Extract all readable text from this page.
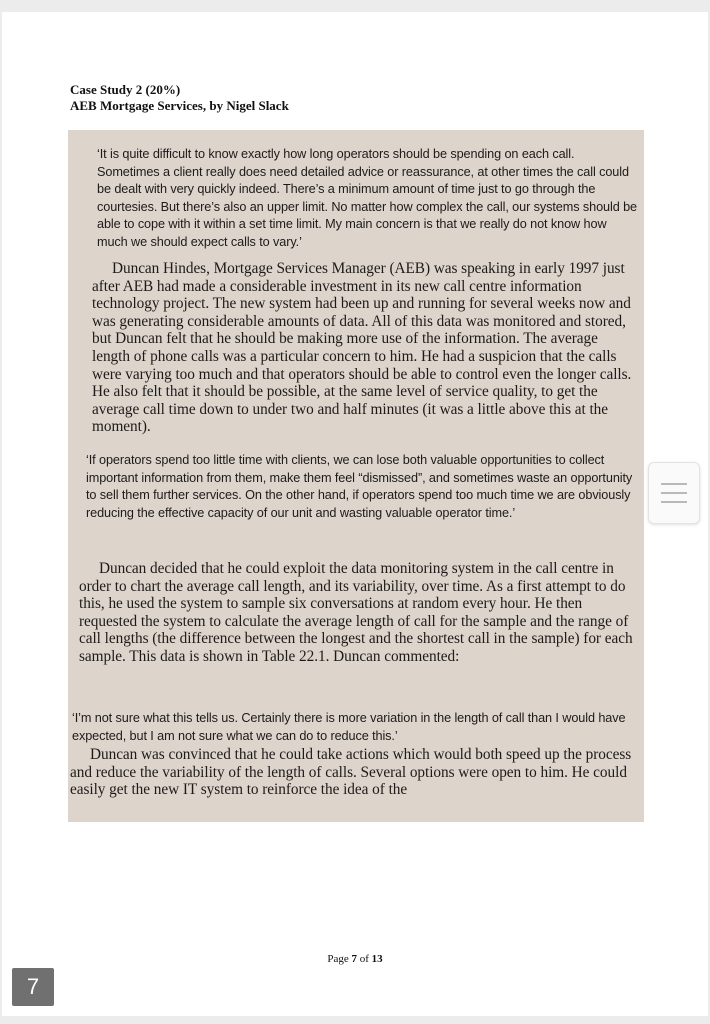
Case Study 2 (20%)
AEB Mortgage Services, by Nigel Slack

‘It is quite difficult to know exactly how long operators should be spending on each call. Sometimes a client really does need detailed advice or reassurance, at other times the call could be dealt with very quickly indeed. There’s a minimum amount of time just to go through the courtesies. But there’s also an upper limit. No matter how complex the call, our systems should be able to cope with it within a set time limit. My main concern is that we really do not know how much we should expect calls to vary.’

Duncan Hindes, Mortgage Services Manager (AEB) was speaking in early 1997 just after AEB had made a considerable investment in its new call centre information technology project. The new system had been up and running for several weeks now and was generating considerable amounts of data. All of this data was monitored and stored, but Duncan felt that he should be making more use of the information. The average length of phone calls was a particular concern to him. He had a suspicion that the calls were varying too much and that operators should be able to control even the longer calls. He also felt that it should be possible, at the same level of service quality, to get the average call time down to under two and half minutes (it was a little above this at the moment).

‘If operators spend too little time with clients, we can lose both valuable opportunities to collect important information from them, make them feel “dismissed”, and sometimes waste an opportunity to sell them further services. On the other hand, if operators spend too much time we are obviously reducing the effective capacity of our unit and wasting valuable operator time.’

Duncan decided that he could exploit the data monitoring system in the call centre in order to chart the average call length, and its variability, over time. As a first attempt to do this, he used the system to sample six conversations at random every hour. He then requested the system to calculate the average length of call for the sample and the range of call lengths (the difference between the longest and the shortest call in the sample) for each sample. This data is shown in Table 22.1. Duncan commented:

‘I’m not sure what this tells us. Certainly there is more variation in the length of call than I would have expected, but I am not sure what we can do to reduce this.’

Duncan was convinced that he could take actions which would both speed up the process and reduce the variability of the length of calls. Several options were open to him. He could easily get the new IT system to reinforce the idea of the

Page 7 of 13
7
